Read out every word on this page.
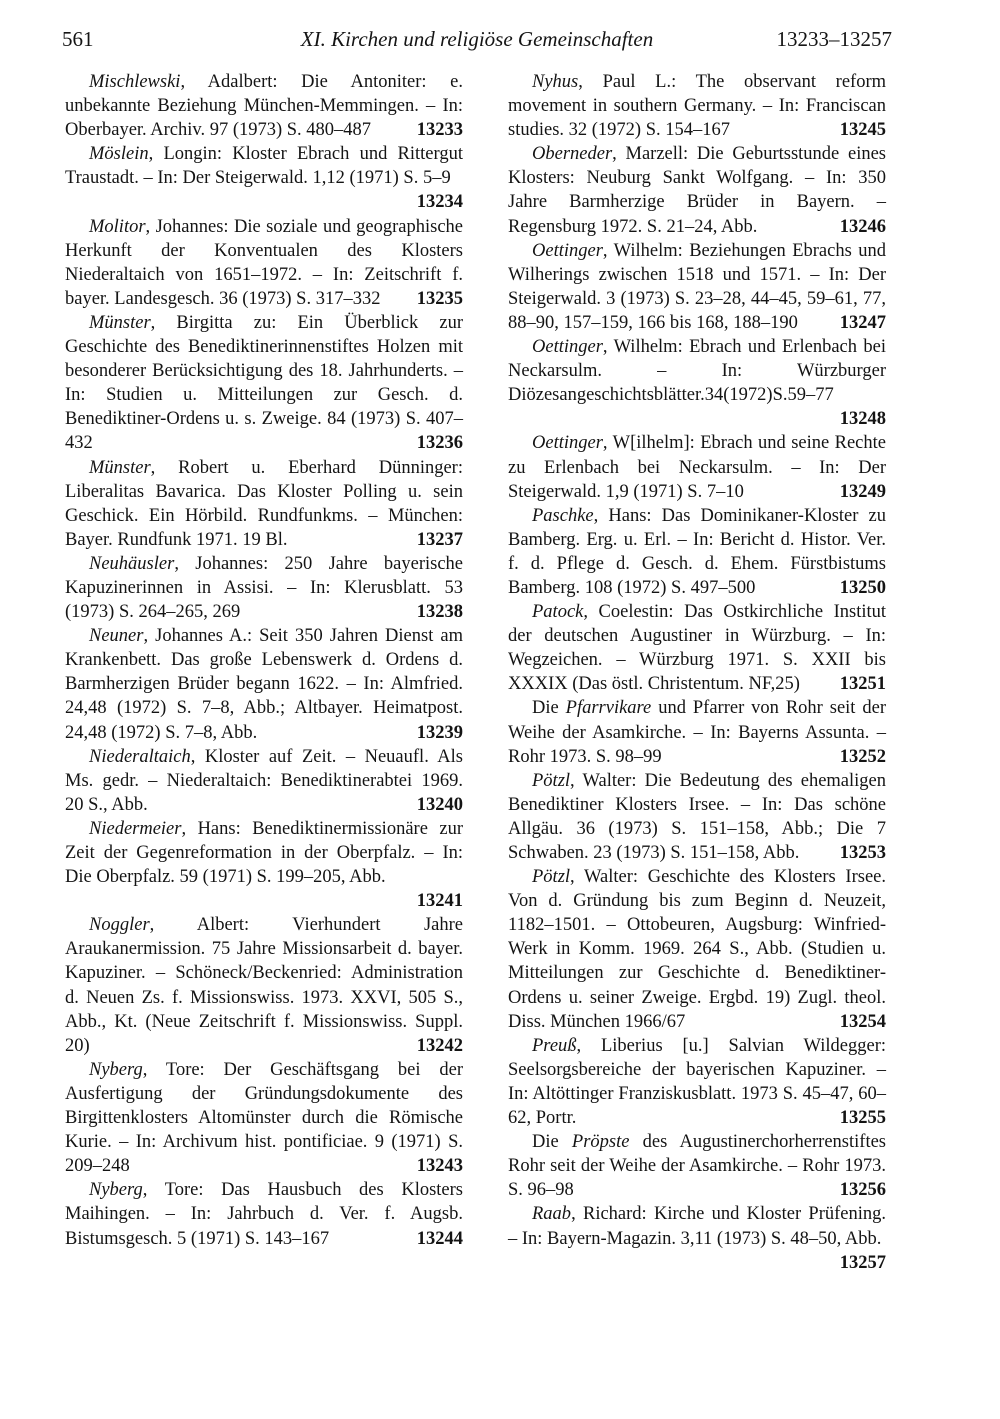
561	XI. Kirchen und religiöse Gemeinschaften	13233–13257

Mischlewski, Adalbert: Die Antoniter: e. unbekannte Beziehung München-Memmingen. – In: Oberbayer. Archiv. 97 (1973) S. 480–487	13233

Möslein, Longin: Kloster Ebrach und Rittergut Traustadt. – In: Der Steigerwald. 1,12 (1971) S. 5–9
13234

Molitor, Johannes: Die soziale und geographische Herkunft der Konventualen des Klosters Niederaltaich von 1651–1972. – In: Zeitschrift f. bayer. Landesgesch. 36 (1973) S. 317–332	13235

Münster, Birgitta zu: Ein Überblick zur Geschichte des Benediktinerinnenstiftes Holzen mit besonderer Berücksichtigung des 18. Jahrhunderts. – In: Studien u. Mitteilungen zur Gesch. d. Benediktiner-Ordens u. s. Zweige. 84 (1973) S. 407–432	13236

Münster, Robert u. Eberhard Dünninger: Liberalitas Bavarica. Das Kloster Polling u. sein Geschick. Ein Hörbild. Rundfunkms. – München: Bayer. Rundfunk 1971. 19 Bl.	13237

Neuhäusler, Johannes: 250 Jahre bayerische Kapuzinerinnen in Assisi. – In: Klerusblatt. 53 (1973) S. 264–265, 269	13238

Neuner, Johannes A.: Seit 350 Jahren Dienst am Krankenbett. Das große Lebenswerk d. Ordens d. Barmherzigen Brüder begann 1622. – In: Almfried. 24,48 (1972) S. 7–8, Abb.; Altbayer. Heimatpost. 24,48 (1972) S. 7–8, Abb.	13239

Niederaltaich, Kloster auf Zeit. – Neuaufl. Als Ms. gedr. – Niederaltaich: Benediktinerabtei 1969. 20 S., Abb.	13240

Niedermeier, Hans: Benediktinermissionäre zur Zeit der Gegenreformation in der Oberpfalz. – In: Die Oberpfalz. 59 (1971) S. 199–205, Abb.
13241

Noggler, Albert: Vierhundert Jahre Araukanermission. 75 Jahre Missionsarbeit d. bayer. Kapuziner. – Schöneck/Beckenried: Administration d. Neuen Zs. f. Missionswiss. 1973. XXVI, 505 S., Abb., Kt. (Neue Zeitschrift f. Missionswiss. Suppl. 20)	13242

Nyberg, Tore: Der Geschäftsgang bei der Ausfertigung der Gründungsdokumente des Birgittenklosters Altomünster durch die Römische Kurie. – In: Archivum hist. pontificiae. 9 (1971) S. 209–248	13243

Nyberg, Tore: Das Hausbuch des Klosters Maihingen. – In: Jahrbuch d. Ver. f. Augsb. Bistumsgesch. 5 (1971) S. 143–167	13244

Nyhus, Paul L.: The observant reform movement in southern Germany. – In: Franciscan studies. 32 (1972) S. 154–167	13245

Oberneder, Marzell: Die Geburtsstunde eines Klosters: Neuburg Sankt Wolfgang. – In: 350 Jahre Barmherzige Brüder in Bayern. – Regensburg 1972. S. 21–24, Abb.	13246

Oettinger, Wilhelm: Beziehungen Ebrachs und Wilherings zwischen 1518 und 1571. – In: Der Steigerwald. 3 (1973) S. 23–28, 44–45, 59–61, 77, 88–90, 157–159, 166 bis 168, 188–190	13247

Oettinger, Wilhelm: Ebrach und Erlenbach bei Neckarsulm. – In: Würzburger Diözesangeschichtsblätter.34(1972)S.59–77
13248

Oettinger, W[ilhelm]: Ebrach und seine Rechte zu Erlenbach bei Neckarsulm. – In: Der Steigerwald. 1,9 (1971) S. 7–10	13249

Paschke, Hans: Das Dominikaner-Kloster zu Bamberg. Erg. u. Erl. – In: Bericht d. Histor. Ver. f. d. Pflege d. Gesch. d. Ehem. Fürstbistums Bamberg. 108 (1972) S. 497–500	13250

Patock, Coelestin: Das Ostkirchliche Institut der deutschen Augustiner in Würzburg. – In: Wegzeichen. – Würzburg 1971. S. XXII bis XXXIX (Das östl. Christentum. NF,25)	13251

Die Pfarrvikare und Pfarrer von Rohr seit der Weihe der Asamkirche. – In: Bayerns Assunta. – Rohr 1973. S. 98–99	13252

Pötzl, Walter: Die Bedeutung des ehemaligen Benediktiner Klosters Irsee. – In: Das schöne Allgäu. 36 (1973) S. 151–158, Abb.; Die 7 Schwaben. 23 (1973) S. 151–158, Abb.	13253

Pötzl, Walter: Geschichte des Klosters Irsee. Von d. Gründung bis zum Beginn d. Neuzeit, 1182–1501. – Ottobeuren, Augsburg: Winfried-Werk in Komm. 1969. 264 S., Abb. (Studien u. Mitteilungen zur Geschichte d. Benediktiner-Ordens u. seiner Zweige. Ergbd. 19) Zugl. theol. Diss. München 1966/67	13254

Preuß, Liberius [u.] Salvian Wildegger: Seelsorgsbereiche der bayerischen Kapuziner. – In: Altöttinger Franziskusblatt. 1973 S. 45–47, 60–62, Portr.	13255

Die Pröpste des Augustinerchorherrenstiftes Rohr seit der Weihe der Asamkirche. – Rohr 1973. S. 96–98	13256

Raab, Richard: Kirche und Kloster Prüfening. – In: Bayern-Magazin. 3,11 (1973) S. 48–50, Abb.
13257
